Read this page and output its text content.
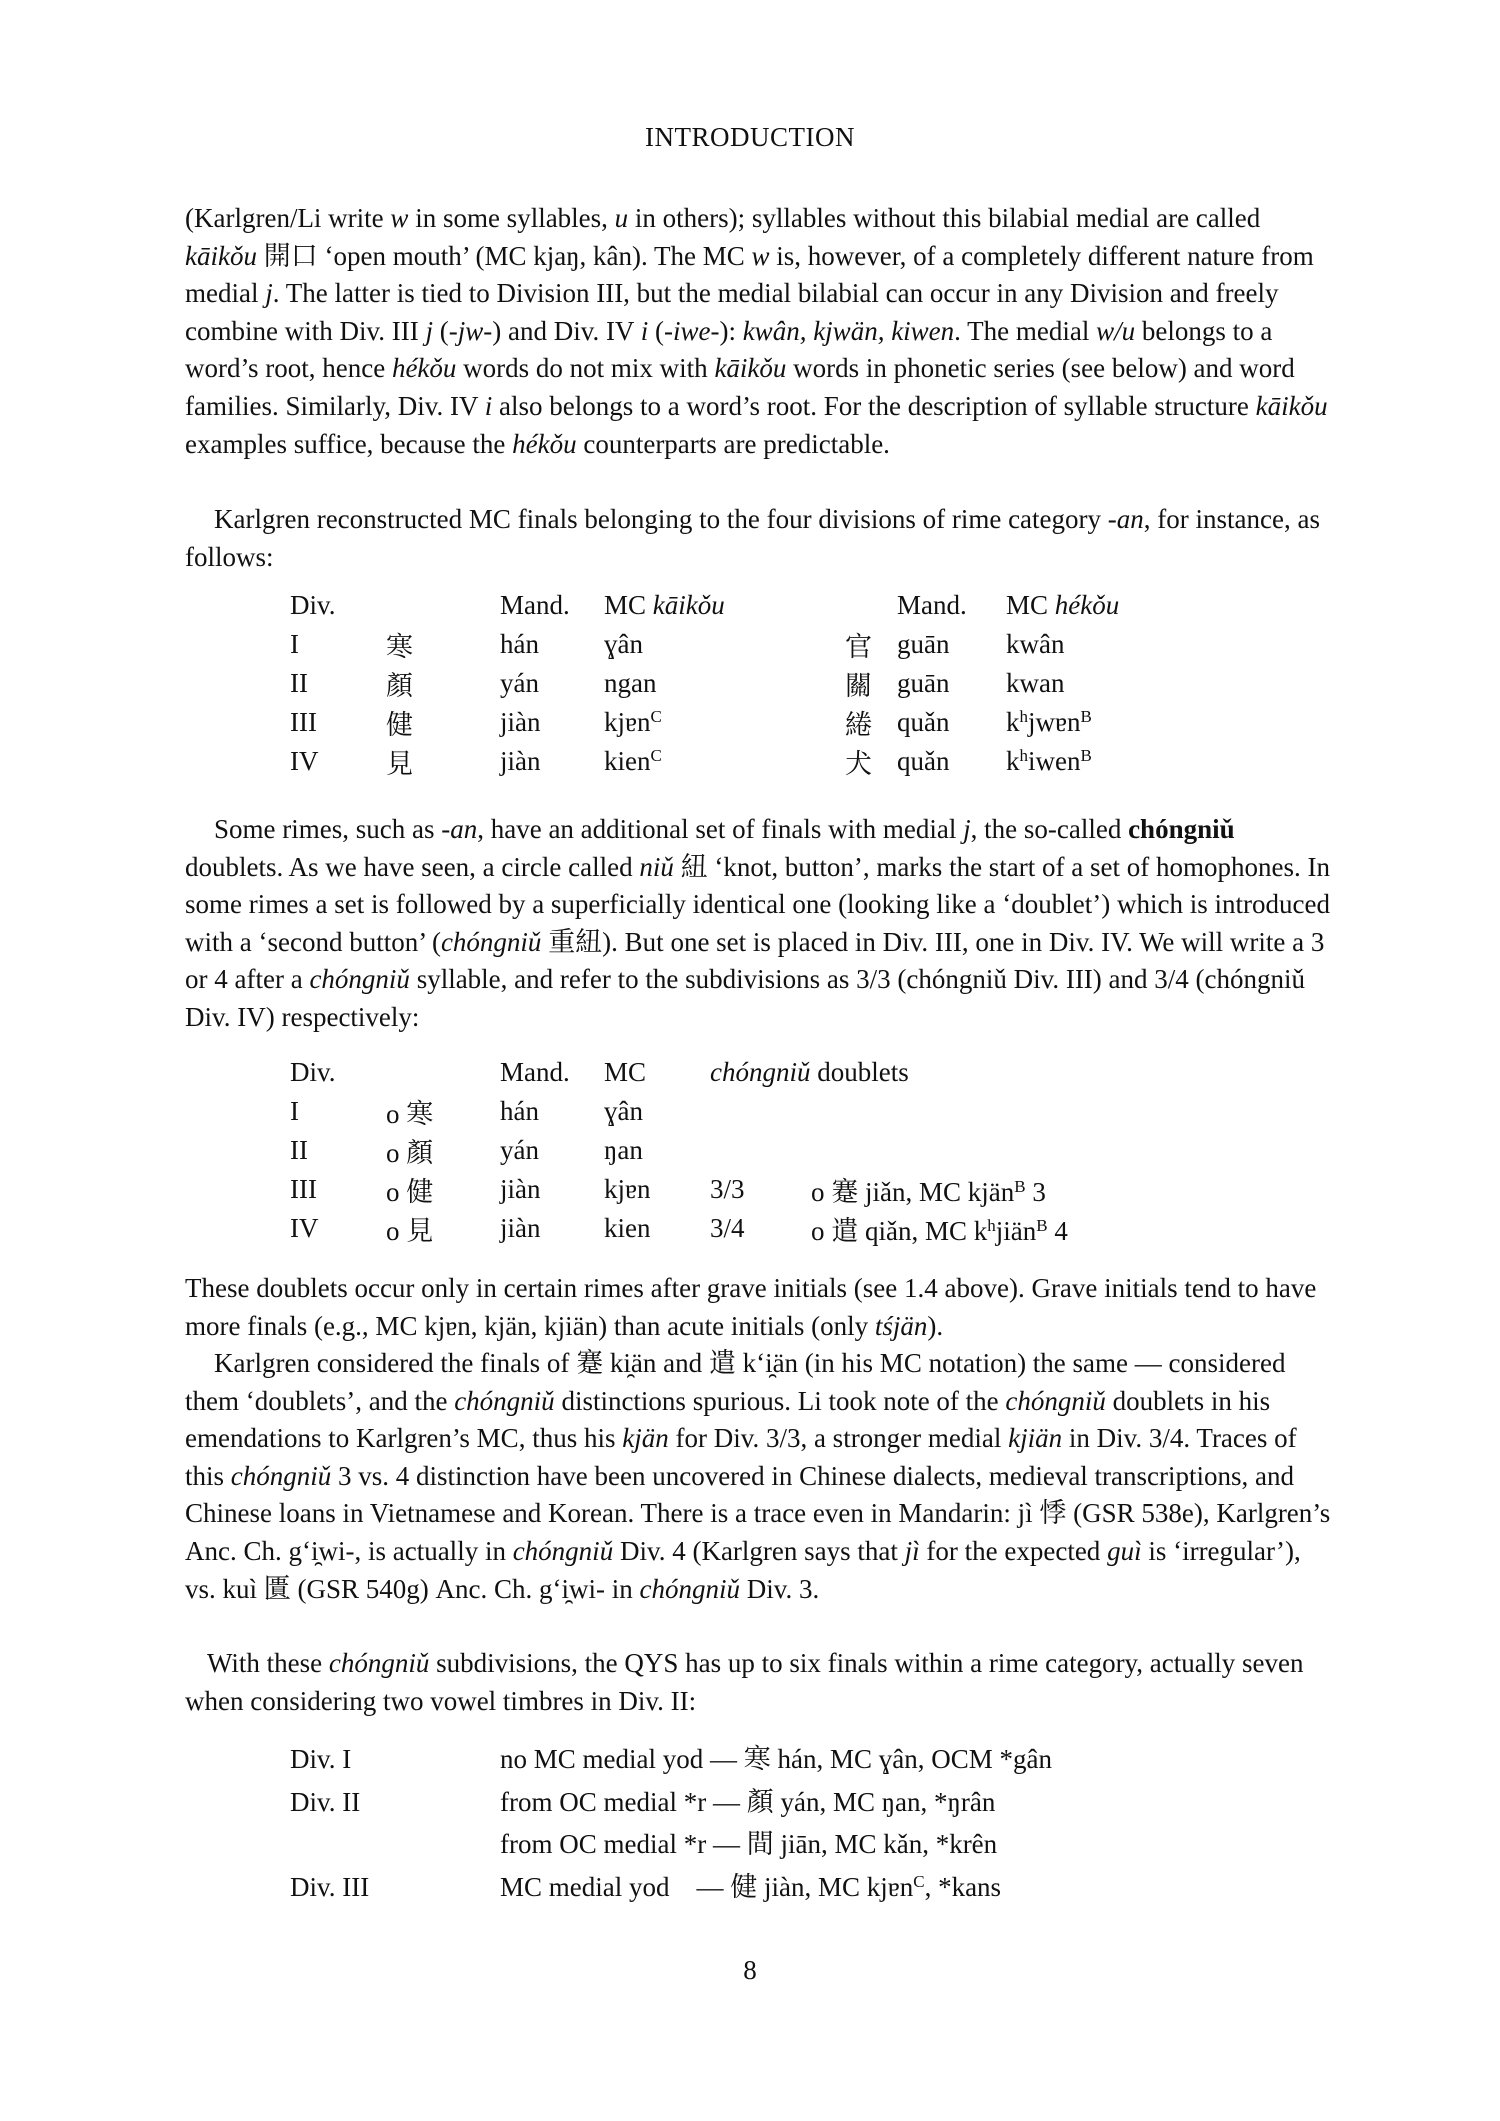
INTRODUCTION

(Karlgren/Li write w in some syllables, u in others); syllables without this bilabial medial are called kāikǒu 開口 ‘open mouth’ (MC kjaŋ, kân). The MC w is, however, of a completely different nature from medial j. The latter is tied to Division III, but the medial bilabial can occur in any Division and freely combine with Div. III j (-jw-) and Div. IV i (-iwe-): kwân, kjwän, kiwen. The medial w/u belongs to a word’s root, hence hékǒu words do not mix with kāikǒu words in phonetic series (see below) and word families. Similarly, Div. IV i also belongs to a word’s root. For the description of syllable structure kāikǒu examples suffice, because the hékǒu counterparts are predictable.

Karlgren reconstructed MC finals belonging to the four divisions of rime category -an, for instance, as follows:

Div.		Mand.	MC kāikǒu		Mand.	MC hékǒu
I	寒	hán	ɣân	官	guān	kwân
II	顏	yán	ngan	關	guān	kwan
III	健	jiàn	kjɐn$^C$	綣	quǎn	$k^hjwɐn^B$
IV	見	jiàn	kien$^C$	犬	quǎn	$k^hiwen^B$

Some rimes, such as -an, have an additional set of finals with medial j, the so-called chóngniǔ doublets. As we have seen, a circle called niǔ 紐 ‘knot, button’, marks the start of a set of homophones. In some rimes a set is followed by a superficially identical one (looking like a ‘doublet’) which is introduced with a ‘second button’ (chóngniǔ 重紐). But one set is placed in Div. III, one in Div. IV. We will write a 3 or 4 after a chóngniǔ syllable, and refer to the subdivisions as 3/3 (chóngniǔ Div. III) and 3/4 (chóngniǔ Div. IV) respectively:

Div.		Mand.	MC	chóngniǔ doublets	
I	o 寒	hán	ɣân		
II	o 顏	yán	ŋan		
III	o 健	jiàn	kjɐn	3/3	o 蹇 jiǎn, MC kjän$^B$ 3
IV	o 見	jiàn	kien	3/4	o 遣 qiǎn, MC $k^hjiän^B$ 4

These doublets occur only in certain rimes after grave initials (see 1.4 above). Grave initials tend to have more finals (e.g., MC kjɐn, kjän, kjiän) than acute initials (only tśjän).

Karlgren considered the finals of 蹇 ki̯än and 遣 k‘i̯än (in his MC notation) the same — considered them ‘doublets’, and the chóngniǔ distinctions spurious. Li took note of the chóngniǔ doublets in his emendations to Karlgren’s MC, thus his kjän for Div. 3/3, a stronger medial kjiän in Div. 3/4. Traces of this chóngniǔ 3 vs. 4 distinction have been uncovered in Chinese dialects, medieval transcriptions, and Chinese loans in Vietnamese and Korean. There is a trace even in Mandarin: jì 悸 (GSR 538e), Karlgren’s Anc. Ch. g‘i̯wi-, is actually in chóngniǔ Div. 4 (Karlgren says that jì for the expected guì is ‘irregular’), vs. kuì 匱 (GSR 540g) Anc. Ch. g‘i̯wi- in chóngniǔ Div. 3.

With these chóngniǔ subdivisions, the QYS has up to six finals within a rime category, actually seven when considering two vowel timbres in Div. II:

Div. I	no MC medial yod — 寒 hán, MC ɣân, OCM *gân
Div. II	from OC medial *r — 顏 yán, MC ŋan, *ŋrân
from OC medial *r — 間 jiān, MC kǎn, *krên
Div. III	MC medial yod    — 健 jiàn, MC kjɐn$^C$, *kans
8
